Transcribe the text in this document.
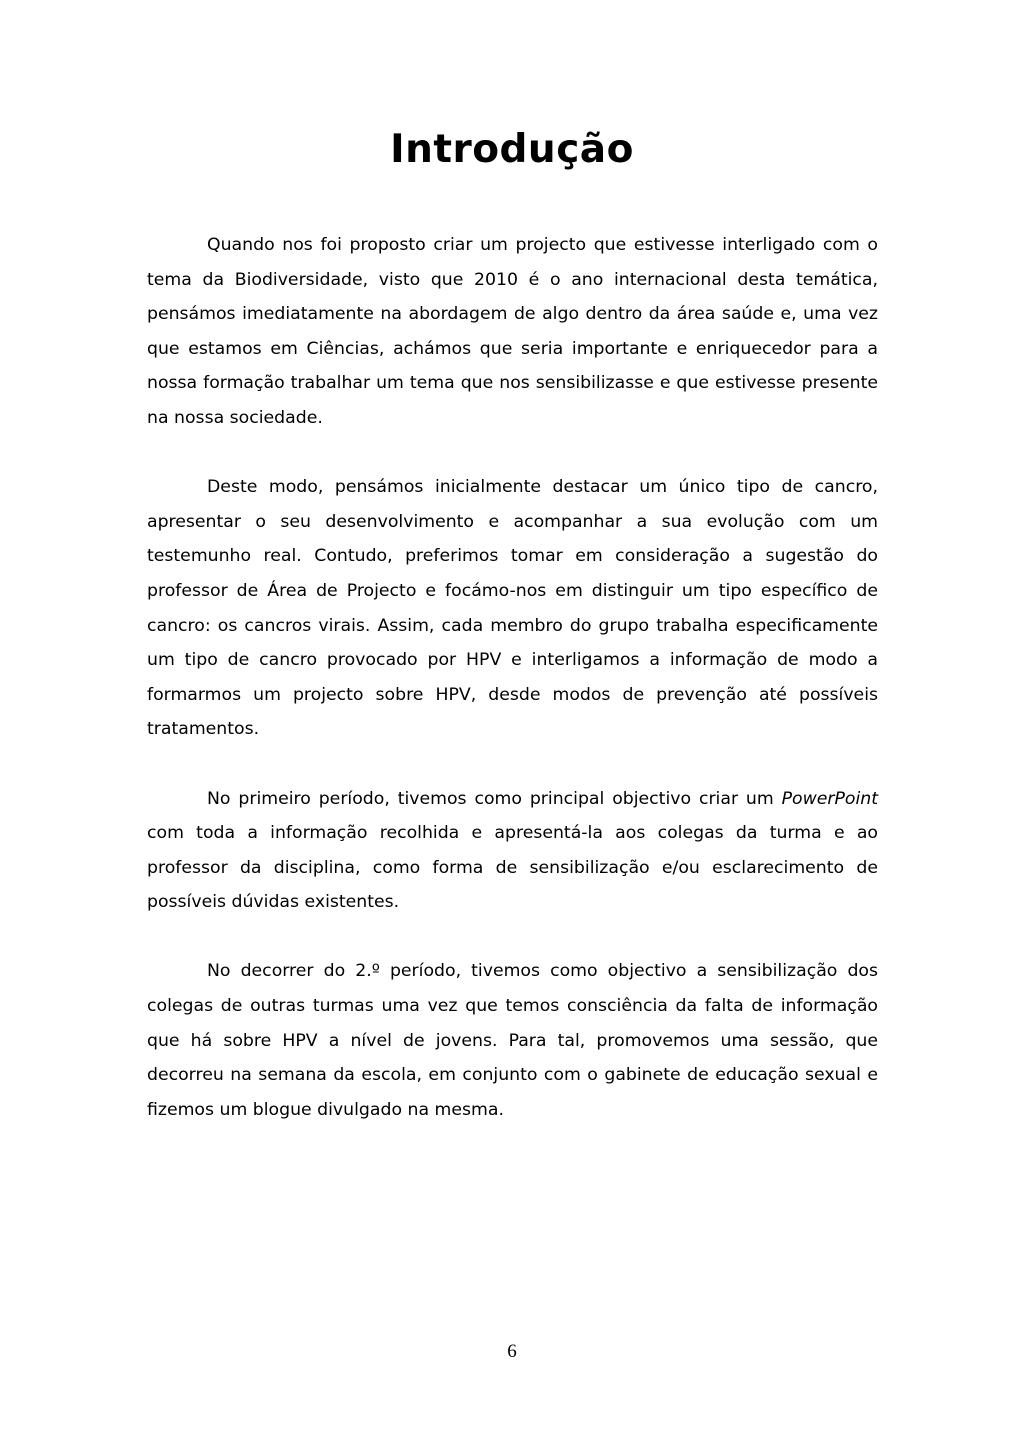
Introdução

Quando nos foi proposto criar um projecto que estivesse interligado com o tema da Biodiversidade, visto que 2010 é o ano internacional desta temática, pensámos imediatamente na abordagem de algo dentro da área saúde e, uma vez que estamos em Ciências, achámos que seria importante e enriquecedor para a nossa formação trabalhar um tema que nos sensibilizasse e que estivesse presente na nossa sociedade.

Deste modo, pensámos inicialmente destacar um único tipo de cancro, apresentar o seu desenvolvimento e acompanhar a sua evolução com um testemunho real. Contudo, preferimos tomar em consideração a sugestão do professor de Área de Projecto e focámo-nos em distinguir um tipo específico de cancro: os cancros virais. Assim, cada membro do grupo trabalha especificamente um tipo de cancro provocado por HPV e interligamos a informação de modo a formarmos um projecto sobre HPV, desde modos de prevenção até possíveis tratamentos.

No primeiro período, tivemos como principal objectivo criar um PowerPoint com toda a informação recolhida e apresentá-la aos colegas da turma e ao professor da disciplina, como forma de sensibilização e/ou esclarecimento de possíveis dúvidas existentes.

No decorrer do 2.º período, tivemos como objectivo a sensibilização dos colegas de outras turmas uma vez que temos consciência da falta de informação que há sobre HPV a nível de jovens. Para tal, promovemos uma sessão, que decorreu na semana da escola, em conjunto com o gabinete de educação sexual e fizemos um blogue divulgado na mesma.

6
